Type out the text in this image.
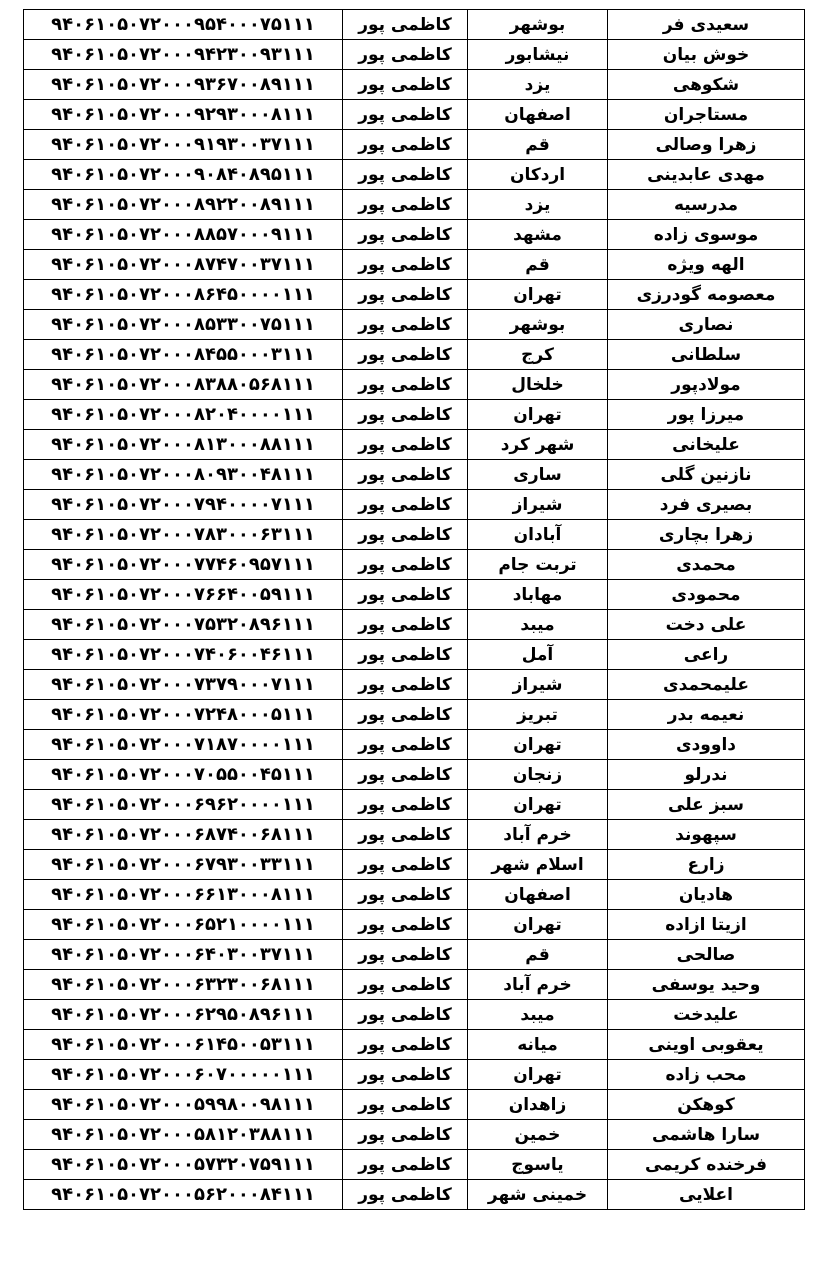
سعیدی فر	بوشهر	کاظمی پور	۹۴۰۶۱۰۵۰۷۲۰۰۰۹۵۴۰۰۰۷۵۱۱۱
خوش بیان	نیشابور	کاظمی پور	۹۴۰۶۱۰۵۰۷۲۰۰۰۹۴۲۳۰۰۹۳۱۱۱
شکوهی	یزد	کاظمی پور	۹۴۰۶۱۰۵۰۷۲۰۰۰۹۳۶۷۰۰۸۹۱۱۱
مستاجران	اصفهان	کاظمی پور	۹۴۰۶۱۰۵۰۷۲۰۰۰۹۲۹۳۰۰۰۸۱۱۱
زهرا وصالی	قم	کاظمی پور	۹۴۰۶۱۰۵۰۷۲۰۰۰۹۱۹۳۰۰۳۷۱۱۱
مهدی عابدینی	اردکان	کاظمی پور	۹۴۰۶۱۰۵۰۷۲۰۰۰۹۰۸۴۰۸۹۵۱۱۱
مدرسیه	یزد	کاظمی پور	۹۴۰۶۱۰۵۰۷۲۰۰۰۸۹۲۲۰۰۸۹۱۱۱
موسوی زاده	مشهد	کاظمی پور	۹۴۰۶۱۰۵۰۷۲۰۰۰۸۸۵۷۰۰۰۹۱۱۱
الهه ویژه	قم	کاظمی پور	۹۴۰۶۱۰۵۰۷۲۰۰۰۸۷۴۷۰۰۳۷۱۱۱
معصومه گودرزی	تهران	کاظمی پور	۹۴۰۶۱۰۵۰۷۲۰۰۰۸۶۴۵۰۰۰۰۱۱۱
نصاری	بوشهر	کاظمی پور	۹۴۰۶۱۰۵۰۷۲۰۰۰۸۵۳۳۰۰۷۵۱۱۱
سلطانی	کرج	کاظمی پور	۹۴۰۶۱۰۵۰۷۲۰۰۰۸۴۵۵۰۰۰۳۱۱۱
مولادپور	خلخال	کاظمی پور	۹۴۰۶۱۰۵۰۷۲۰۰۰۸۳۸۸۰۵۶۸۱۱۱
میرزا پور	تهران	کاظمی پور	۹۴۰۶۱۰۵۰۷۲۰۰۰۸۲۰۴۰۰۰۰۱۱۱
علیخانی	شهر کرد	کاظمی پور	۹۴۰۶۱۰۵۰۷۲۰۰۰۸۱۳۰۰۰۸۸۱۱۱
نازنین گلی	ساری	کاظمی پور	۹۴۰۶۱۰۵۰۷۲۰۰۰۸۰۹۳۰۰۴۸۱۱۱
بصیری فرد	شیراز	کاظمی پور	۹۴۰۶۱۰۵۰۷۲۰۰۰۷۹۴۰۰۰۰۷۱۱۱
زهرا بچاری	آبادان	کاظمی پور	۹۴۰۶۱۰۵۰۷۲۰۰۰۷۸۳۰۰۰۶۳۱۱۱
محمدی	تربت جام	کاظمی پور	۹۴۰۶۱۰۵۰۷۲۰۰۰۷۷۴۶۰۹۵۷۱۱۱
محمودی	مهاباد	کاظمی پور	۹۴۰۶۱۰۵۰۷۲۰۰۰۷۶۶۴۰۰۵۹۱۱۱
علی دخت	میبد	کاظمی پور	۹۴۰۶۱۰۵۰۷۲۰۰۰۷۵۳۲۰۸۹۶۱۱۱
راعی	آمل	کاظمی پور	۹۴۰۶۱۰۵۰۷۲۰۰۰۷۴۰۶۰۰۴۶۱۱۱
علیمحمدی	شیراز	کاظمی پور	۹۴۰۶۱۰۵۰۷۲۰۰۰۷۳۷۹۰۰۰۷۱۱۱
نعیمه بدر	تبریز	کاظمی پور	۹۴۰۶۱۰۵۰۷۲۰۰۰۷۲۴۸۰۰۰۵۱۱۱
داوودی	تهران	کاظمی پور	۹۴۰۶۱۰۵۰۷۲۰۰۰۷۱۸۷۰۰۰۰۱۱۱
ندرلو	زنجان	کاظمی پور	۹۴۰۶۱۰۵۰۷۲۰۰۰۷۰۵۵۰۰۴۵۱۱۱
سبز علی	تهران	کاظمی پور	۹۴۰۶۱۰۵۰۷۲۰۰۰۶۹۶۲۰۰۰۰۱۱۱
سپهوند	خرم آباد	کاظمی پور	۹۴۰۶۱۰۵۰۷۲۰۰۰۶۸۷۴۰۰۶۸۱۱۱
زارع	اسلام شهر	کاظمی پور	۹۴۰۶۱۰۵۰۷۲۰۰۰۶۷۹۳۰۰۳۳۱۱۱
هادیان	اصفهان	کاظمی پور	۹۴۰۶۱۰۵۰۷۲۰۰۰۶۶۱۳۰۰۰۸۱۱۱
ازیتا ازاده	تهران	کاظمی پور	۹۴۰۶۱۰۵۰۷۲۰۰۰۶۵۲۱۰۰۰۰۱۱۱
صالحی	قم	کاظمی پور	۹۴۰۶۱۰۵۰۷۲۰۰۰۶۴۰۳۰۰۳۷۱۱۱
وحید یوسفی	خرم آباد	کاظمی پور	۹۴۰۶۱۰۵۰۷۲۰۰۰۶۳۲۳۰۰۶۸۱۱۱
علیدخت	میبد	کاظمی پور	۹۴۰۶۱۰۵۰۷۲۰۰۰۶۲۹۵۰۸۹۶۱۱۱
یعقوبی اوینی	میانه	کاظمی پور	۹۴۰۶۱۰۵۰۷۲۰۰۰۶۱۴۵۰۰۵۳۱۱۱
محب زاده	تهران	کاظمی پور	۹۴۰۶۱۰۵۰۷۲۰۰۰۶۰۷۰۰۰۰۰۱۱۱
کوهکن	زاهدان	کاظمی پور	۹۴۰۶۱۰۵۰۷۲۰۰۰۵۹۹۸۰۰۹۸۱۱۱
سارا هاشمی	خمین	کاظمی پور	۹۴۰۶۱۰۵۰۷۲۰۰۰۵۸۱۲۰۳۸۸۱۱۱
فرخنده کریمی	یاسوج	کاظمی پور	۹۴۰۶۱۰۵۰۷۲۰۰۰۵۷۳۲۰۷۵۹۱۱۱
اعلایی	خمینی شهر	کاظمی پور	۹۴۰۶۱۰۵۰۷۲۰۰۰۵۶۲۰۰۰۸۴۱۱۱
